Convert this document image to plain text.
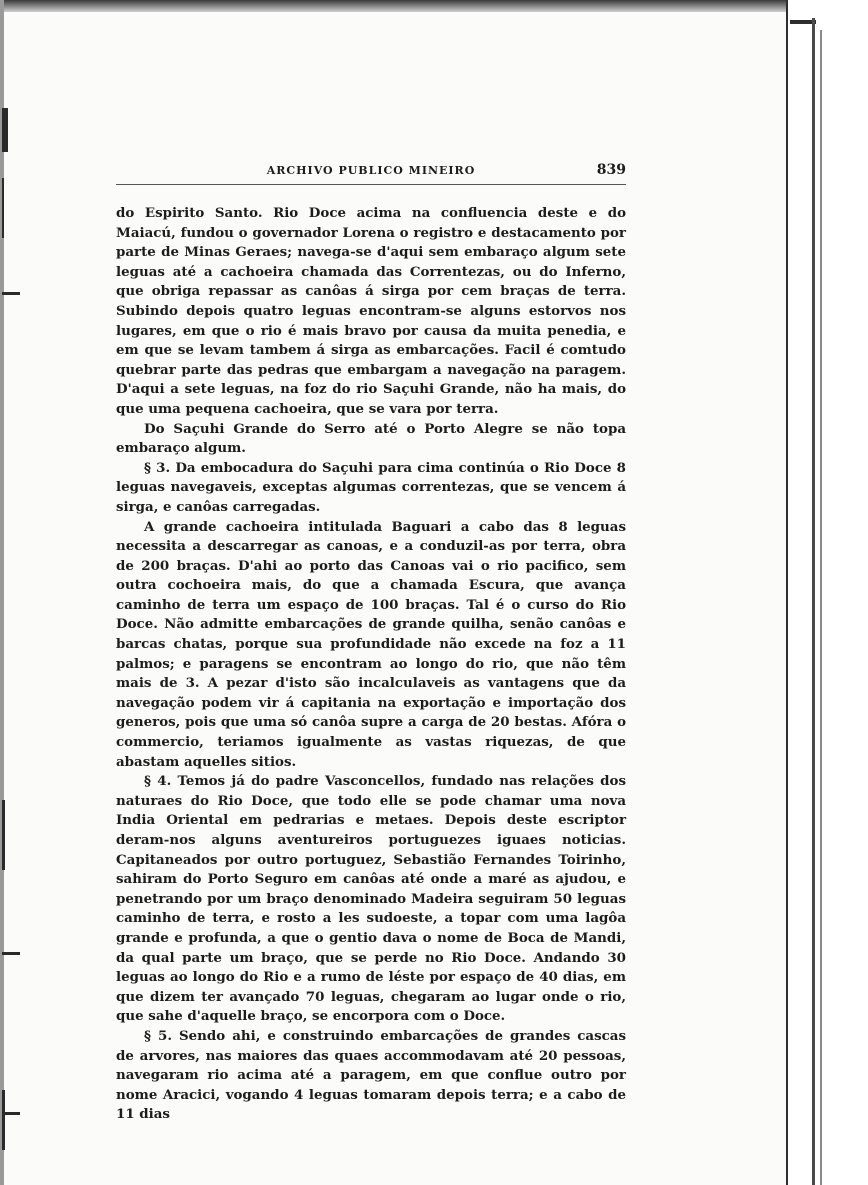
ARCHIVO PUBLICO MINEIRO	839

do Espirito Santo. Rio Doce acima na confluencia deste e do Maiacú, fundou o governador Lorena o registro e destacamento por parte de Minas Geraes; navega-se d'aqui sem embaraço algum sete leguas até a cachoeira chamada das Correntezas, ou do Inferno, que obriga repassar as canôas á sirga por cem braças de terra. Subindo depois quatro leguas encontram-se alguns estorvos nos lugares, em que o rio é mais bravo por causa da muita penedia, e em que se levam tambem á sirga as embarcações. Facil é comtudo quebrar parte das pedras que embargam a navegação na paragem. D'aqui a sete leguas, na foz do rio Saçuhi Grande, não ha mais, do que uma pequena cachoeira, que se vara por terra.

Do Saçuhi Grande do Serro até o Porto Alegre se não topa embaraço algum.

§ 3. Da embocadura do Saçuhi para cima continúa o Rio Doce 8 leguas navegaveis, exceptas algumas correntezas, que se vencem á sirga, e canôas carregadas.

A grande cachoeira intitulada Baguari a cabo das 8 leguas necessita a descarregar as canoas, e a conduzil-as por terra, obra de 200 braças. D'ahi ao porto das Canoas vai o rio pacifico, sem outra cochoeira mais, do que a chamada Escura, que avança caminho de terra um espaço de 100 braças. Tal é o curso do Rio Doce. Não admitte embarcações de grande quilha, senão canôas e barcas chatas, porque sua profundidade não excede na foz a 11 palmos; e paragens se encontram ao longo do rio, que não têm mais de 3. A pezar d'isto são incalculaveis as vantagens que da navegação podem vir á capitania na exportação e importação dos generos, pois que uma só canôa supre a carga de 20 bestas. Afóra o commercio, teriamos igualmente as vastas riquezas, de que abastam aquelles sitios.

§ 4. Temos já do padre Vasconcellos, fundado nas relações dos naturaes do Rio Doce, que todo elle se pode chamar uma nova India Oriental em pedrarias e metaes. Depois deste escriptor deram-nos alguns aventureiros portuguezes iguaes noticias. Capitaneados por outro portuguez, Sebastião Fernandes Toirinho, sahiram do Porto Seguro em canôas até onde a maré as ajudou, e penetrando por um braço denominado Madeira seguiram 50 leguas caminho de terra, e rosto a les sudoeste, a topar com uma lagôa grande e profunda, a que o gentio dava o nome de Boca de Mandi, da qual parte um braço, que se perde no Rio Doce. Andando 30 leguas ao longo do Rio e a rumo de léste por espaço de 40 dias, em que dizem ter avançado 70 leguas, chegaram ao lugar onde o rio, que sahe d'aquelle braço, se encorpora com o Doce.

§ 5. Sendo ahi, e construindo embarcações de grandes cascas de arvores, nas maiores das quaes accommodavam até 20 pessoas, navegaram rio acima até a paragem, em que conflue outro por nome Aracici, vogando 4 leguas tomaram depois terra; e a cabo de 11 dias
